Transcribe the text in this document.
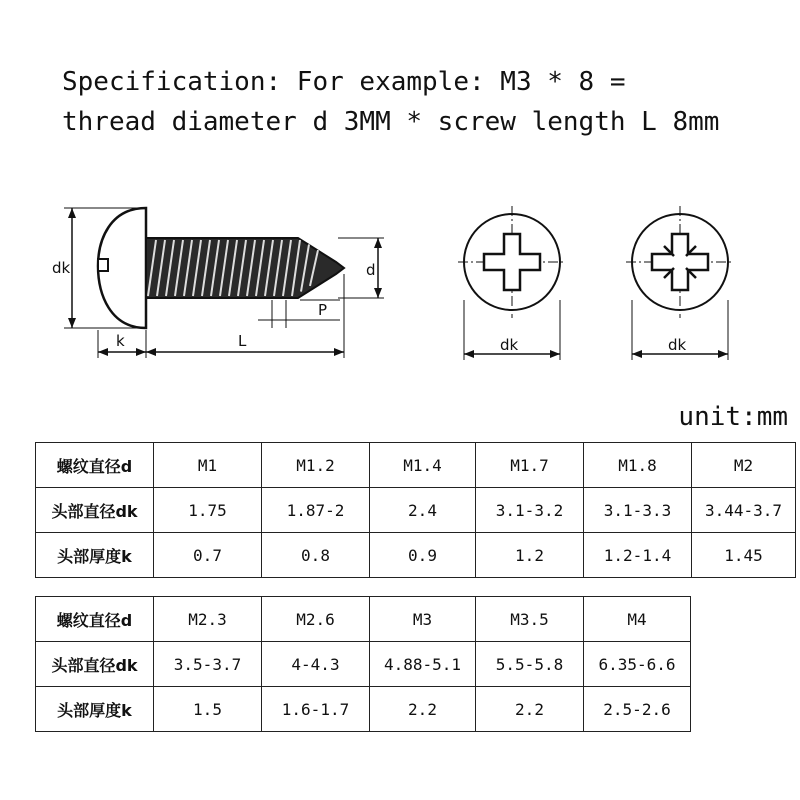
Specification: For example: M3 * 8 =
thread diameter d 3MM * screw length L 8mm
dk
k	L
d
P
dk	dk
unit:mm
螺纹直径d	M1	M1.2	M1.4	M1.7	M1.8	M2
头部直径dk	1.75	1.87-2	2.4	3.1-3.2	3.1-3.3	3.44-3.7
头部厚度k	0.7	0.8	0.9	1.2	1.2-1.4	1.45
螺纹直径d	M2.3	M2.6	M3	M3.5	M4
头部直径dk	3.5-3.7	4-4.3	4.88-5.1	5.5-5.8	6.35-6.6
头部厚度k	1.5	1.6-1.7	2.2	2.2	2.5-2.6
